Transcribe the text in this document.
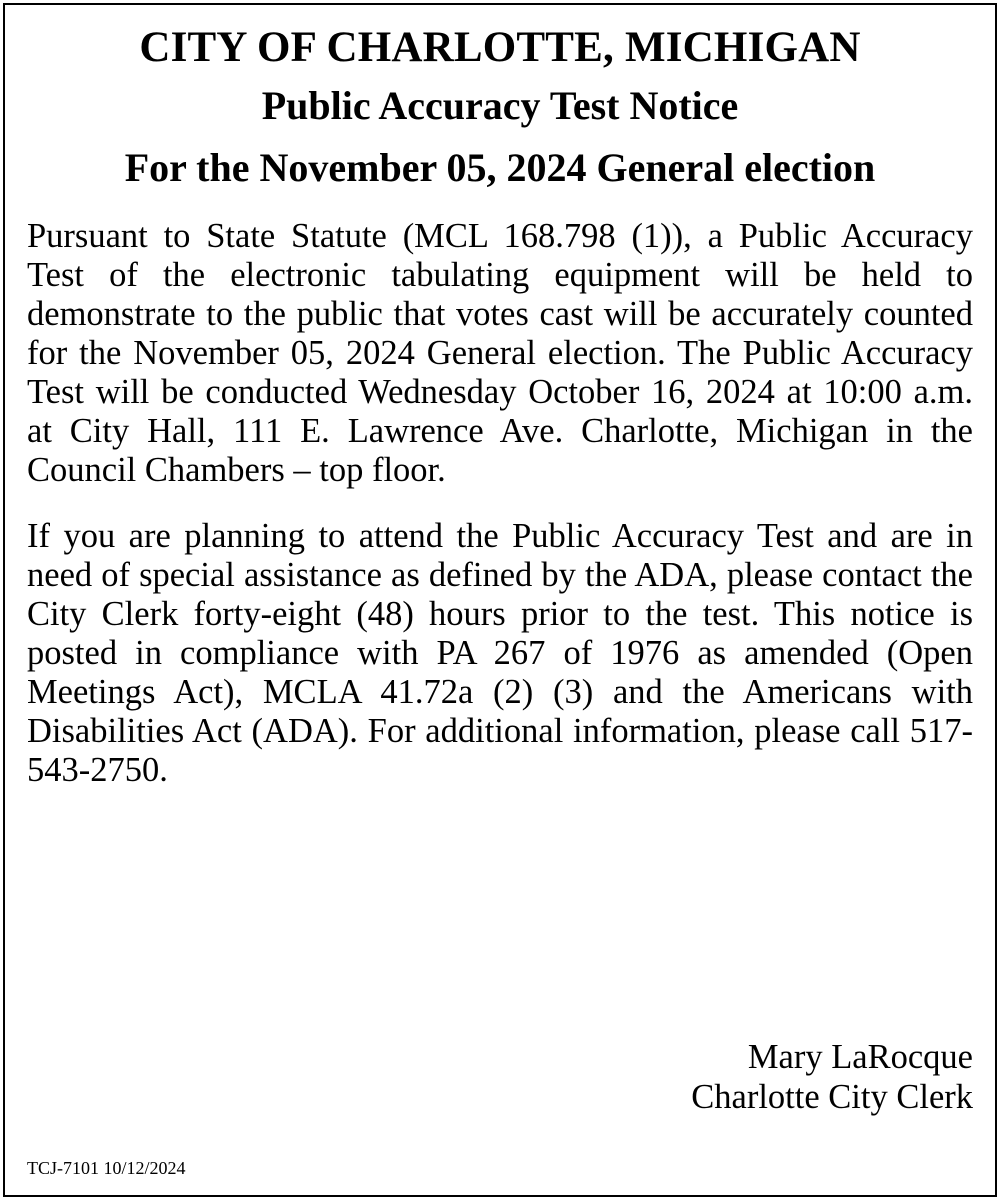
CITY OF CHARLOTTE, MICHIGAN
Public Accuracy Test Notice
For the November 05, 2024 General election

Pursuant to State Statute (MCL 168.798 (1)), a Public Accuracy Test of the electronic tabulating equipment will be held to demonstrate to the public that votes cast will be accurately counted for the November 05, 2024 General election. The Public Accuracy Test will be conducted Wednesday October 16, 2024 at 10:00 a.m. at City Hall, 111 E. Lawrence Ave. Charlotte, Michigan in the Council Chambers – top floor.

If you are planning to attend the Public Accuracy Test and are in need of special assistance as defined by the ADA, please contact the City Clerk forty-eight (48) hours prior to the test. This notice is posted in compliance with PA 267 of 1976 as amended (Open Meetings Act), MCLA 41.72a (2) (3) and the Americans with Disabilities Act (ADA). For additional information, please call 517-543-2750.

Mary LaRocque
Charlotte City Clerk
TCJ-7101 10/12/2024
